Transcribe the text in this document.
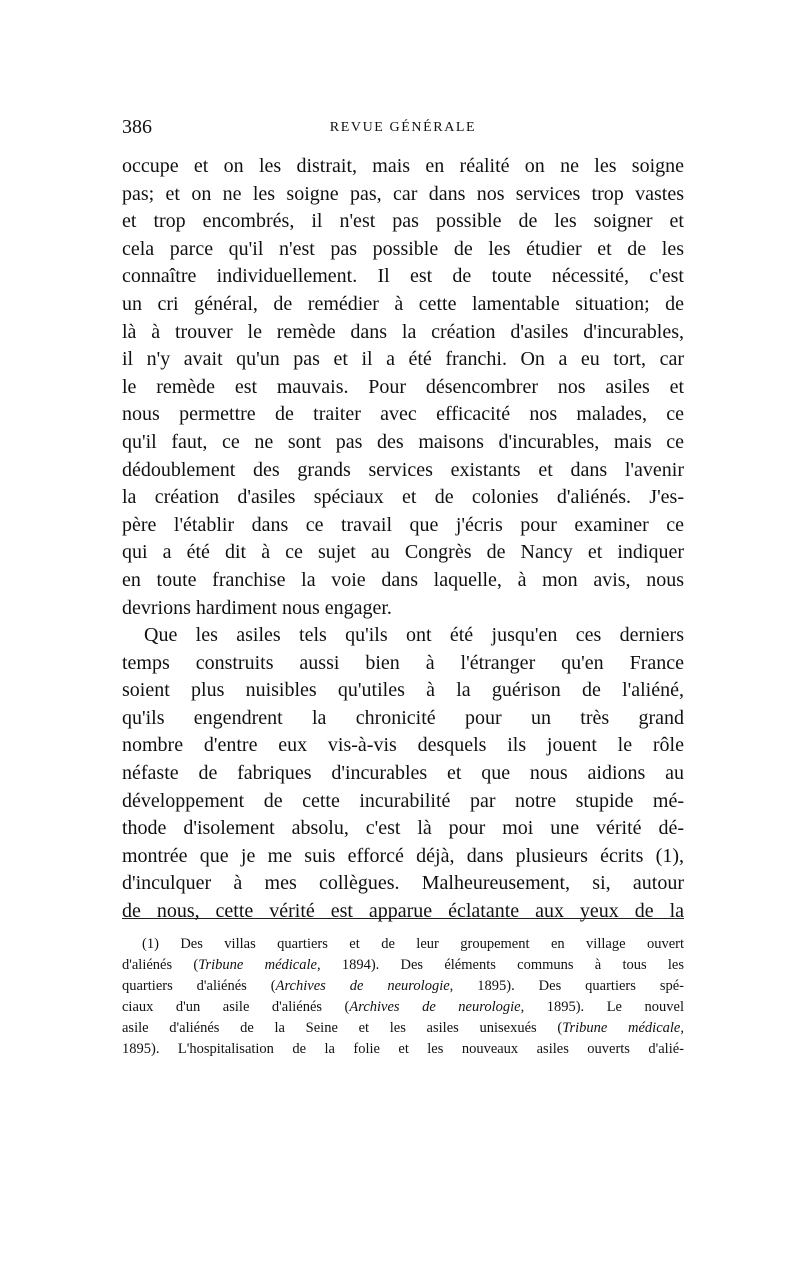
386	REVUE GÉNÉRALE
occupe et on les distrait, mais en réalité on ne les soigne
pas; et on ne les soigne pas, car dans nos services trop vastes
et trop encombrés, il n'est pas possible de les soigner et
cela parce qu'il n'est pas possible de les étudier et de les
connaître individuellement. Il est de toute nécessité, c'est
un cri général, de remédier à cette lamentable situation; de
là à trouver le remède dans la création d'asiles d'incurables,
il n'y avait qu'un pas et il a été franchi. On a eu tort, car
le remède est mauvais. Pour désencombrer nos asiles et
nous permettre de traiter avec efficacité nos malades, ce
qu'il faut, ce ne sont pas des maisons d'incurables, mais ce
dédoublement des grands services existants et dans l'avenir
la création d'asiles spéciaux et de colonies d'aliénés. J'es-
père l'établir dans ce travail que j'écris pour examiner ce
qui a été dit à ce sujet au Congrès de Nancy et indiquer
en toute franchise la voie dans laquelle, à mon avis, nous
devrions hardiment nous engager.
Que les asiles tels qu'ils ont été jusqu'en ces derniers
temps construits aussi bien à l'étranger qu'en France
soient plus nuisibles qu'utiles à la guérison de l'aliéné,
qu'ils engendrent la chronicité pour un très grand
nombre d'entre eux vis-à-vis desquels ils jouent le rôle
néfaste de fabriques d'incurables et que nous aidions au
développement de cette incurabilité par notre stupide mé-
thode d'isolement absolu, c'est là pour moi une vérité dé-
montrée que je me suis efforcé déjà, dans plusieurs écrits (1),
d'inculquer à mes collègues. Malheureusement, si, autour
de nous, cette vérité est apparue éclatante aux yeux de la
(1) Des villas quartiers et de leur groupement en village ouvert
d'aliénés (Tribune médicale, 1894). Des éléments communs à tous les
quartiers d'aliénés (Archives de neurologie, 1895). Des quartiers spé-
ciaux d'un asile d'aliénés (Archives de neurologie, 1895). Le nouvel
asile d'aliénés de la Seine et les asiles unisexués (Tribune médicale,
1895). L'hospitalisation de la folie et les nouveaux asiles ouverts d'alié-
